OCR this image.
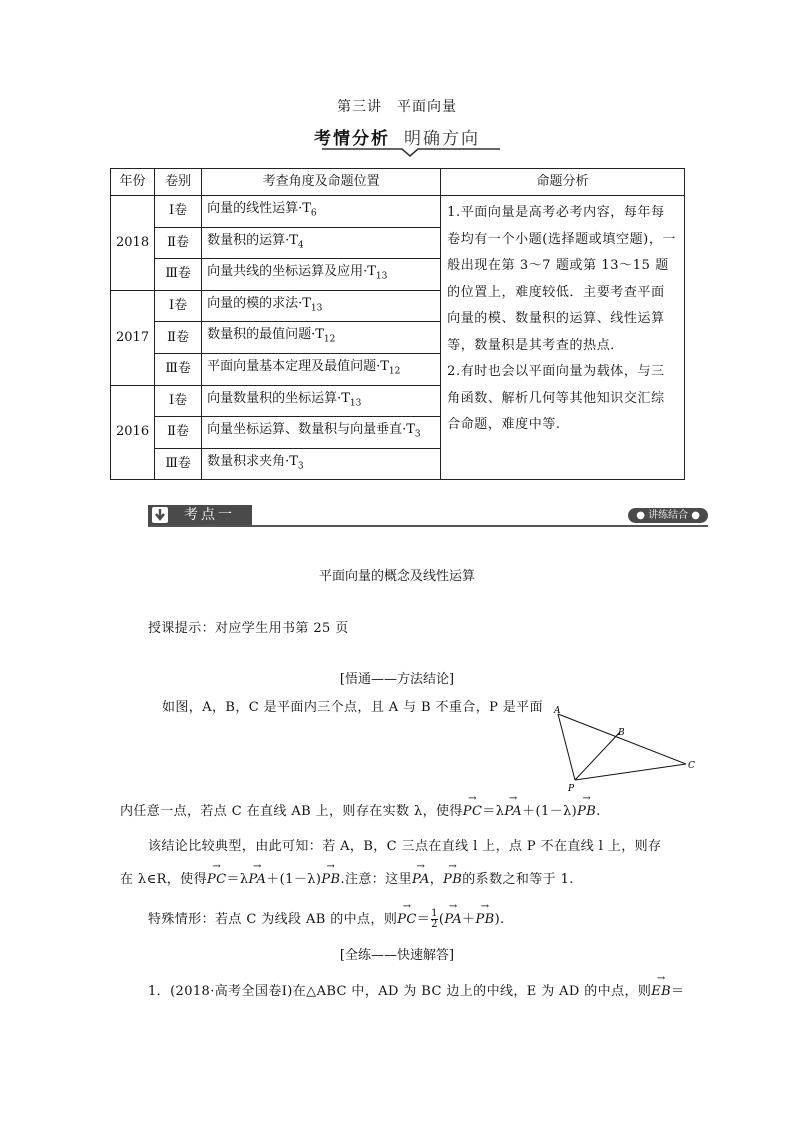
第三讲　平面向量
考情分析 明确方向
年份	卷别	考查角度及命题位置	命题分析
2018	Ⅰ卷	向量的线性运算$\cdot T_6$	1.平面向量是高考必考内容，每年每卷均有一个小题(选择题或填空题)，一般出现在第 3～7 题或第 13～15 题的位置上，难度较低．主要考查平面向量的模、数量积的运算、线性运算等，数量积是其考查的热点．
2.有时也会以平面向量为载体，与三角函数、解析几何等其他知识交汇综合命题，难度中等.

	Ⅱ卷	数量积的运算$\cdot T_4$
	Ⅲ卷	向量共线的坐标运算及应用$\cdot T_{13}$
2017	Ⅰ卷	向量的模的求法$\cdot T_{13}$
	Ⅱ卷	数量积的最值问题$\cdot T_{12}$
	Ⅲ卷	平面向量基本定理及最值问题$\cdot T_{12}$
2016	Ⅰ卷	向量数量积的坐标运算$\cdot T_{13}$
	Ⅱ卷	向量坐标运算、数量积与向量垂直$\cdot T_3$
	Ⅲ卷	数量积求夹角$\cdot T_3$
考点一	● 讲练结合 ●
平面向量的概念及线性运算
授课提示：对应学生用书第 25 页
[悟通——方法结论]
如图，A，B，C 是平面内三个点，且 A 与 B 不重合，P 是平面 A
B
C
P
内任意一点，若点 C 在直线 AB 上，则存在实数 λ，使得→ PC＝λ→ PA＋(1－λ)→ PB.
该结论比较典型，由此可知：若 A，B，C 三点在直线 l 上，点 P 不在直线 l 上，则存
在 λ∈R，使得→ PC＝λ→ PA＋(1－λ)→ PB.注意：这里→ PA，→ PB的系数之和等于 1.
特殊情形：若点 C 为线段 AB 的中点，则→ $PC= \frac{1}{2}$ (→ PA＋→ PB).
[全练——快速解答]
1．(2018·高考全国卷Ⅰ)在△ABC 中，AD 为 BC 边上的中线，E 为 AD 的中点，则→ EB＝
